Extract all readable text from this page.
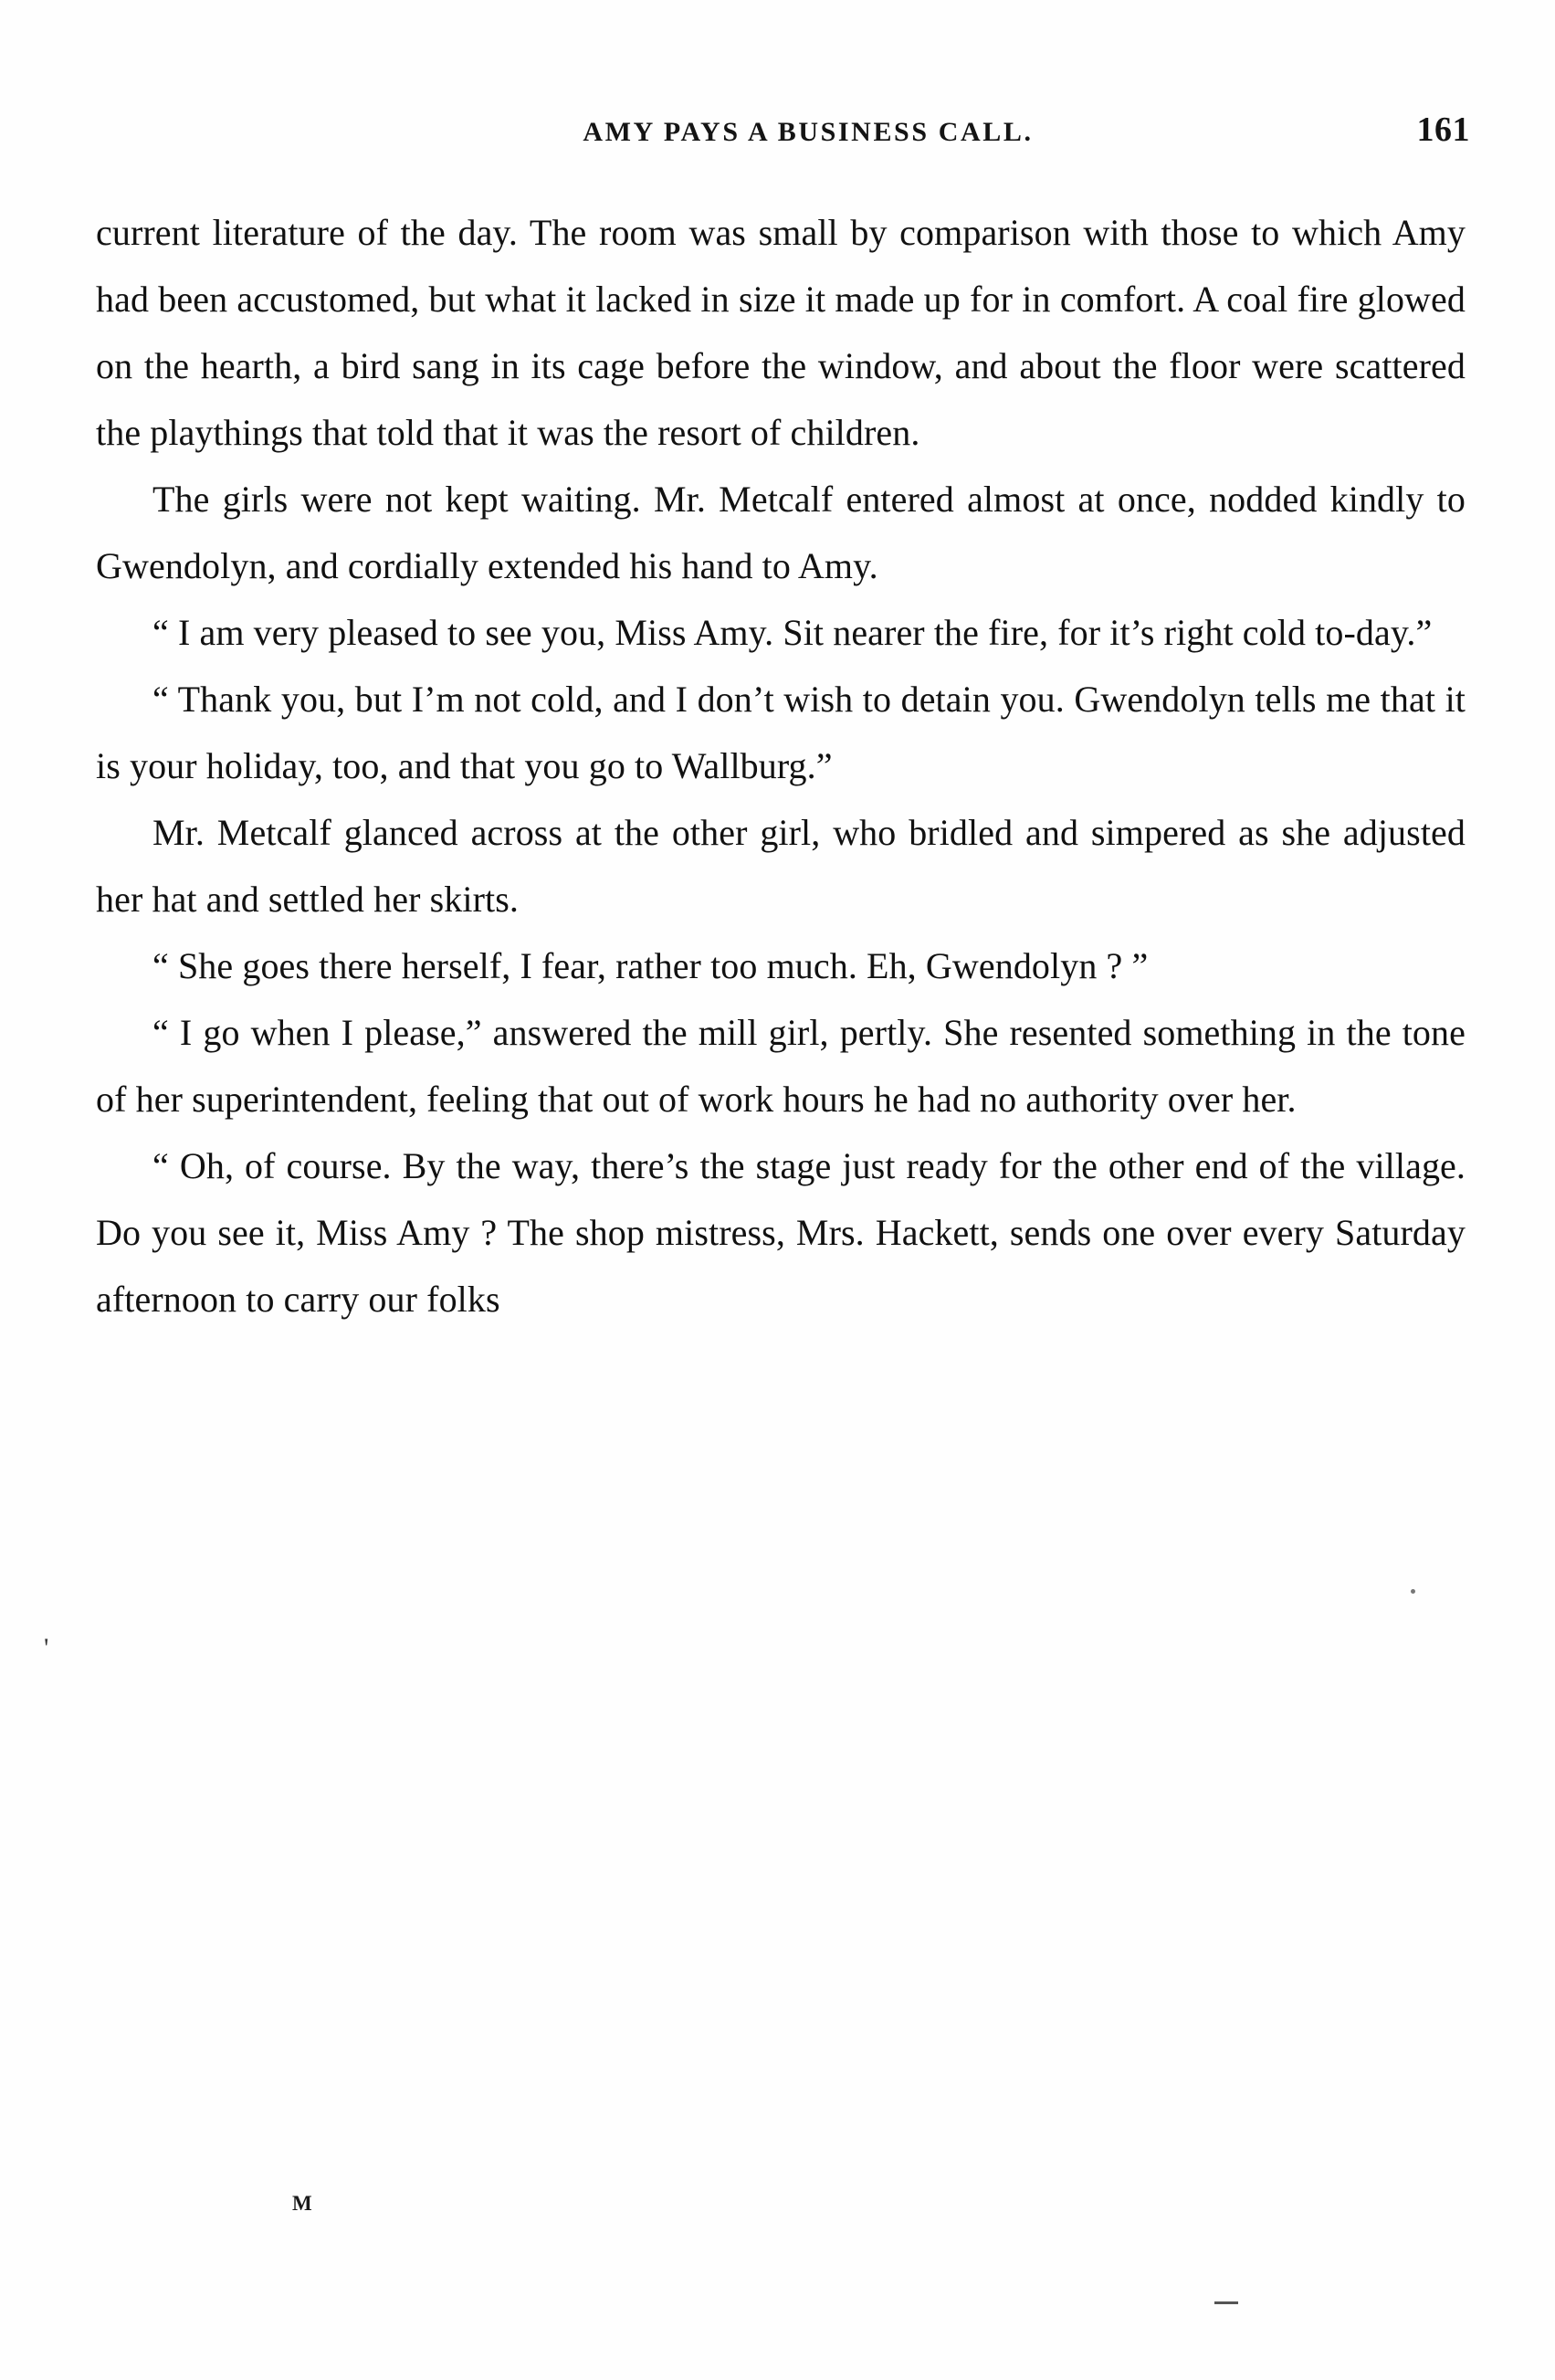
AMY PAYS A BUSINESS CALL.	161

current literature of the day. The room was small by comparison with those to which Amy had been accustomed, but what it lacked in size it made up for in comfort. A coal fire glowed on the hearth, a bird sang in its cage before the window, and about the floor were scattered the playthings that told that it was the resort of children.

The girls were not kept waiting. Mr. Metcalf entered almost at once, nodded kindly to Gwendolyn, and cordially extended his hand to Amy.

“ I am very pleased to see you, Miss Amy. Sit nearer the fire, for it’s right cold to-day.”

“ Thank you, but I’m not cold, and I don’t wish to detain you. Gwendolyn tells me that it is your holiday, too, and that you go to Wallburg.”

Mr. Metcalf glanced across at the other girl, who bridled and simpered as she adjusted her hat and settled her skirts.

“ She goes there herself, I fear, rather too much. Eh, Gwendolyn ? ”

“ I go when I please,” answered the mill girl, pertly. She resented something in the tone of her superintendent, feeling that out of work hours he had no authority over her.

“ Oh, of course. By the way, there’s the stage just ready for the other end of the village. Do you see it, Miss Amy ? The shop mistress, Mrs. Hackett, sends one over every Saturday afternoon to carry our folks

'
M
